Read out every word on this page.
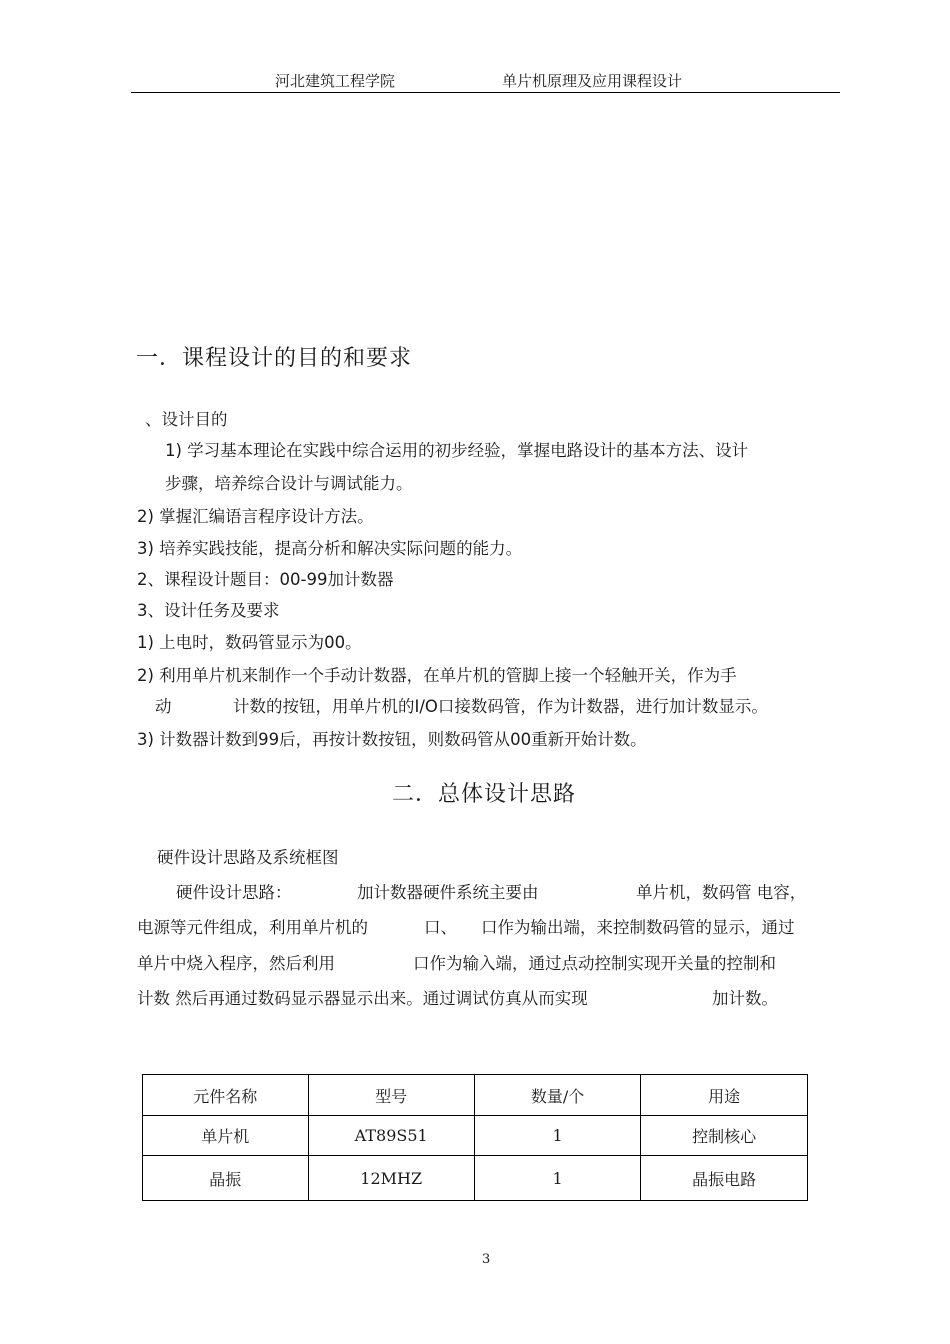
河北建筑工程学院	单片机原理及应用课程设计
一．课程设计的目的和要求
、设计目的
1) 学习基本理论在实践中综合运用的初步经验，掌握电路设计的基本方法、设计
步骤，培养综合设计与调试能力。
2) 掌握汇编语言程序设计方法。
3) 培养实践技能，提高分析和解决实际问题的能力。
2、课程设计题目：00-99加计数器
3、设计任务及要求
1) 上电时，数码管显示为00。
2) 利用单片机来制作一个手动计数器，在单片机的管脚上接一个轻触开关，作为手
动	计数的按钮，用单片机的I/O口接数码管，作为计数器，进行加计数显示。
3) 计数器计数到99后，再按计数按钮，则数码管从00重新开始计数。
二．总体设计思路
硬件设计思路及系统框图
硬件设计思路：	加计数器硬件系统主要由	单片机，数码管 电容，
电源等元件组成，利用单片机的	口、 口作为输出端，来控制数码管的显示，通过
单片中烧入程序，然后利用	口作为输入端，通过点动控制实现开关量的控制和
计数 然后再通过数码显示器显示出来。通过调试仿真从而实现	加计数。
元件名称	型号	数量/个	用途
单片机	AT89S51	1	控制核心
晶振	12MHZ	1	晶振电路
3
